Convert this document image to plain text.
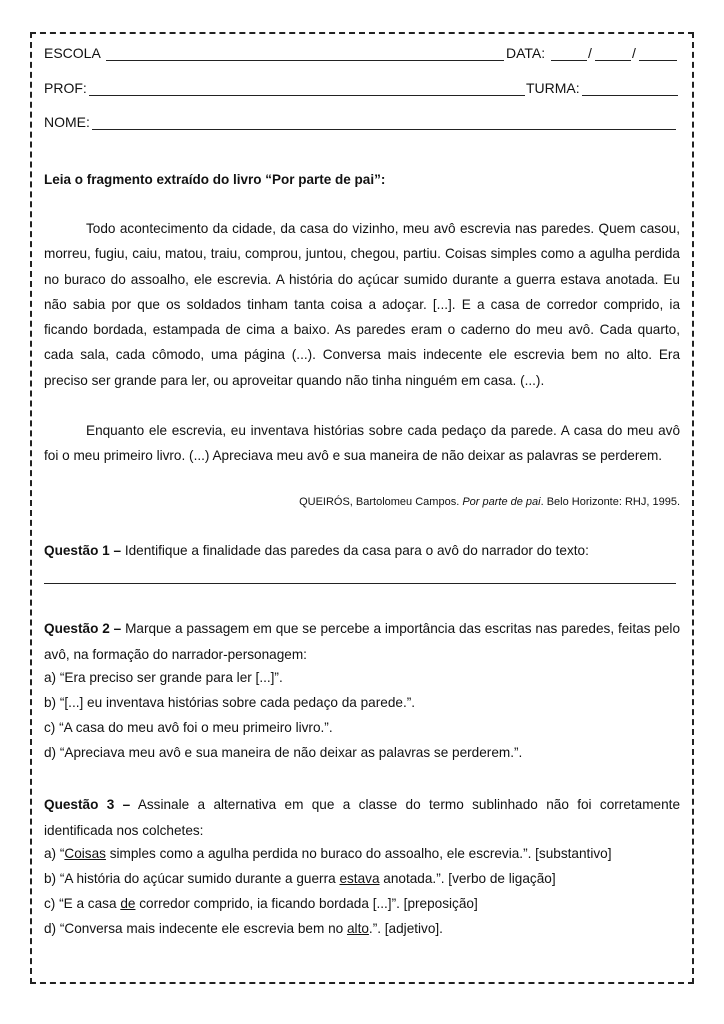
ESCOLA	DATA:	/	/
PROF:	TURMA:
NOME:
Leia o fragmento extraído do livro “Por parte de pai”:

Todo acontecimento da cidade, da casa do vizinho, meu avô escrevia nas paredes. Quem casou, morreu, fugiu, caiu, matou, traiu, comprou, juntou, chegou, partiu. Coisas simples como a agulha perdida no buraco do assoalho, ele escrevia. A história do açúcar sumido durante a guerra estava anotada. Eu não sabia por que os soldados tinham tanta coisa a adoçar. [...]. E a casa de corredor comprido, ia ficando bordada, estampada de cima a baixo. As paredes eram o caderno do meu avô. Cada quarto, cada sala, cada cômodo, uma página (...). Conversa mais indecente ele escrevia bem no alto. Era preciso ser grande para ler, ou aproveitar quando não tinha ninguém em casa. (...).

Enquanto ele escrevia, eu inventava histórias sobre cada pedaço da parede. A casa do meu avô foi o meu primeiro livro. (...) Apreciava meu avô e sua maneira de não deixar as palavras se perderem.

QUEIRÓS, Bartolomeu Campos. Por parte de pai. Belo Horizonte: RHJ, 1995.
Questão 1 – Identifique a finalidade das paredes da casa para o avô do narrador do texto:

Questão 2 – Marque a passagem em que se percebe a importância das escritas nas paredes, feitas pelo avô, na formação do narrador-personagem:

a) “Era preciso ser grande para ler [...]”.
b) “[...] eu inventava histórias sobre cada pedaço da parede.”.
c) “A casa do meu avô foi o meu primeiro livro.”.
d) “Apreciava meu avô e sua maneira de não deixar as palavras se perderem.”.

Questão 3 – Assinale a alternativa em que a classe do termo sublinhado não foi corretamente identificada nos colchetes:

a) “Coisas simples como a agulha perdida no buraco do assoalho, ele escrevia.”. [substantivo]
b) “A história do açúcar sumido durante a guerra estava anotada.”. [verbo de ligação]
c) “E a casa de corredor comprido, ia ficando bordada [...]”. [preposição]
d) “Conversa mais indecente ele escrevia bem no alto.”. [adjetivo].
